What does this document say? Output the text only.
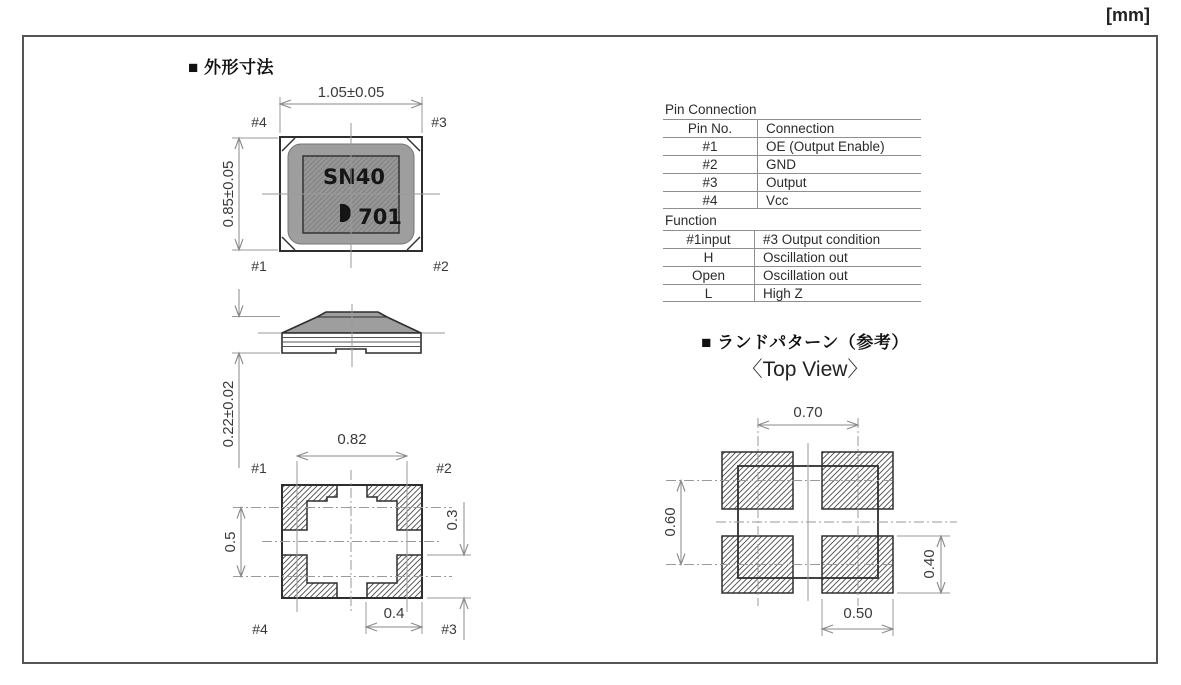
[mm]
■ 外形寸法
■ ランドパターン（参考）
〈Top View〉
SN40
701
1.05±0.05
0.85±0.05
#4	#3
#1	#2
0.22±0.02	0.82
0.5
0.3
0.4
#1	#2
#4	#3
0.70
0.60
0.40
0.50
Pin Connection
Pin No.	Connection
#1	OE (Output Enable)
#2	GND
#3	Output
#4	Vcc
Function
#1input	#3 Output condition
H	Oscillation out
Open	Oscillation out
L	High Z
